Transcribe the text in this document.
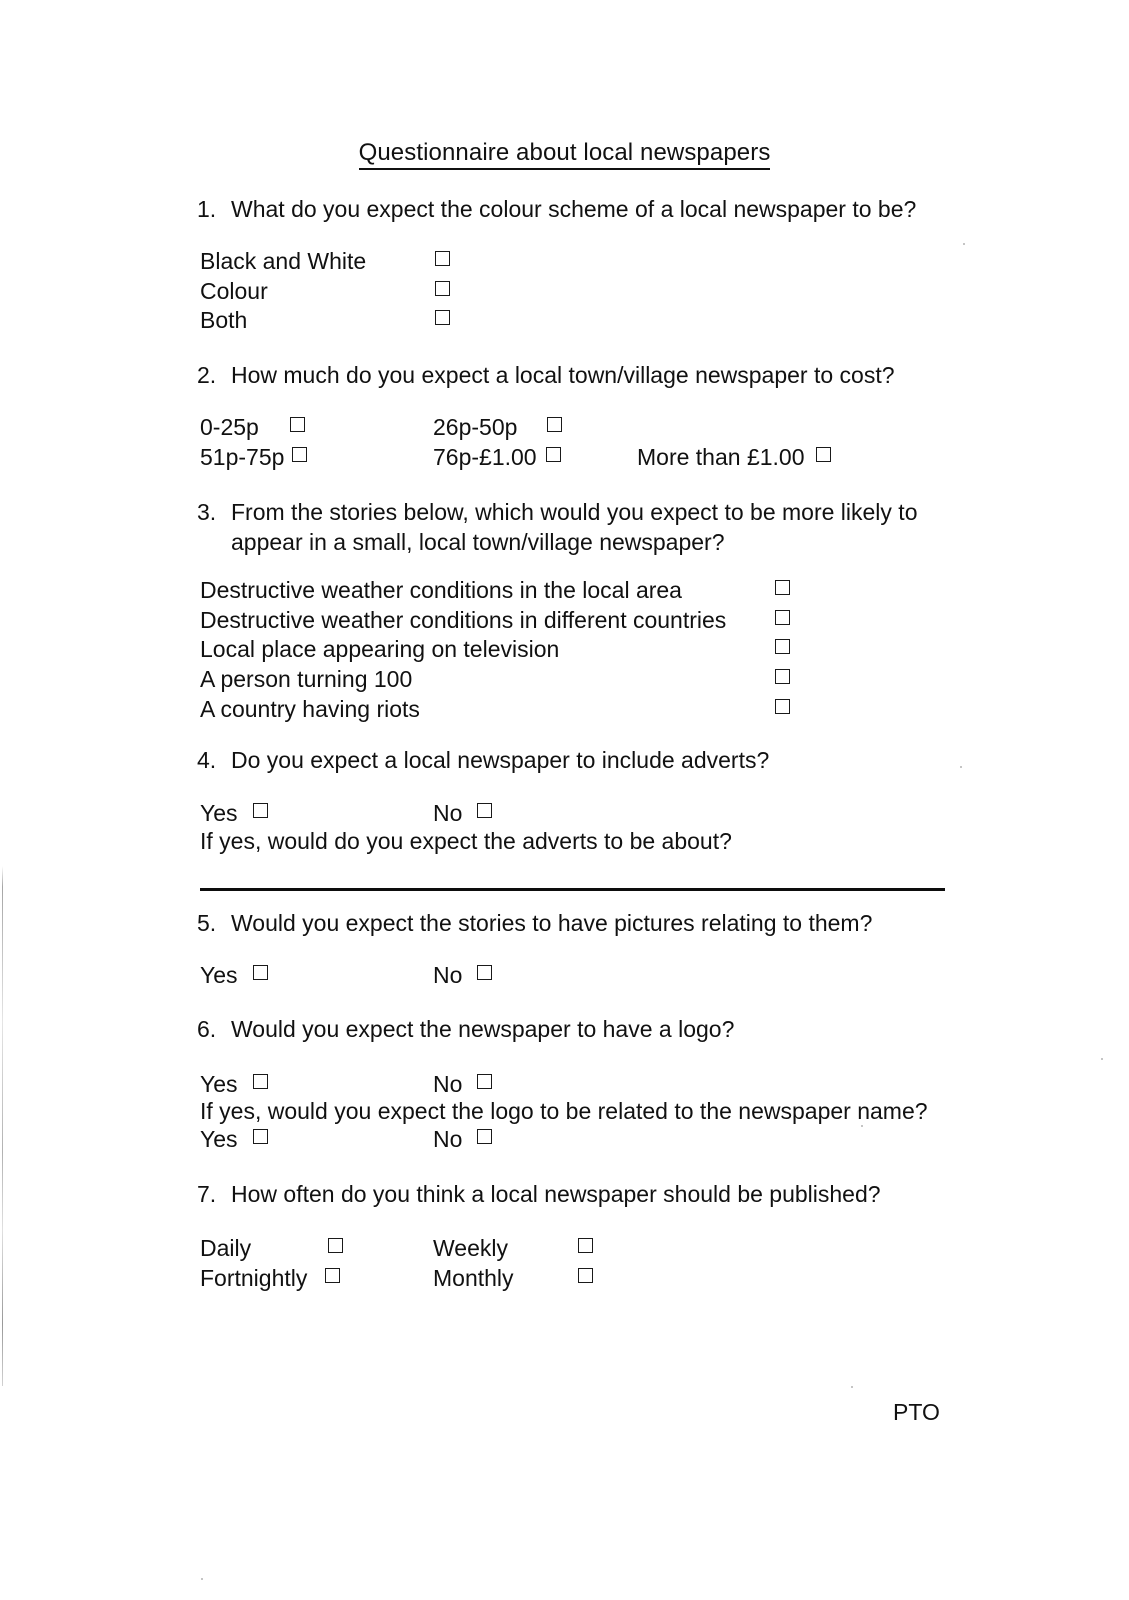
Questionnaire about local newspapers
1. What do you expect the colour scheme of a local newspaper to be?
Black and White
Colour
Both
2. How much do you expect a local town/village newspaper to cost?
0-25p	26p-50p
51p-75p	76p-£1.00	More than £1.00
3. From the stories below, which would you expect to be more likely to appear in a small, local town/village newspaper?
Destructive weather conditions in the local area
Destructive weather conditions in different countries
Local place appearing on television
A person turning 100
A country having riots
4. Do you expect a local newspaper to include adverts?
Yes	No
If yes, would do you expect the adverts to be about?
5. Would you expect the stories to have pictures relating to them?
Yes	No
6. Would you expect the newspaper to have a logo?
Yes	No
If yes, would you expect the logo to be related to the newspaper name?
Yes	No
7. How often do you think a local newspaper should be published?
Daily	Weekly
Fortnightly	Monthly
PTO
